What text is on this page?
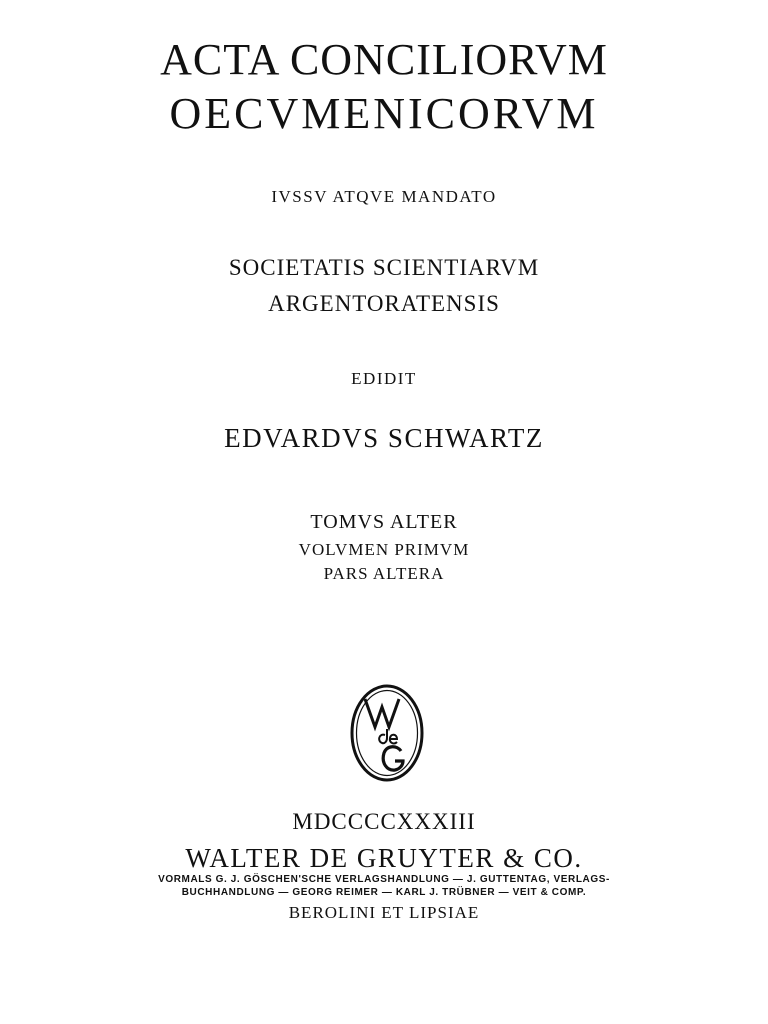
ACTA CONCILIORVM
OECVMENICORVM
IVSSV ATQVE MANDATO
SOCIETATIS SCIENTIARVM
ARGENTORATENSIS
EDIDIT
EDVARDVS SCHWARTZ
TOMVS ALTER
VOLVMEN PRIMVM
PARS ALTERA
MDCCCCXXXIII
WALTER DE GRUYTER & CO.
VORMALS G. J. GÖSCHEN'SCHE VERLAGSHANDLUNG — J. GUTTENTAG, VERLAGS-
BUCHHANDLUNG — GEORG REIMER — KARL J. TRÜBNER — VEIT & COMP.
BEROLINI ET LIPSIAE
